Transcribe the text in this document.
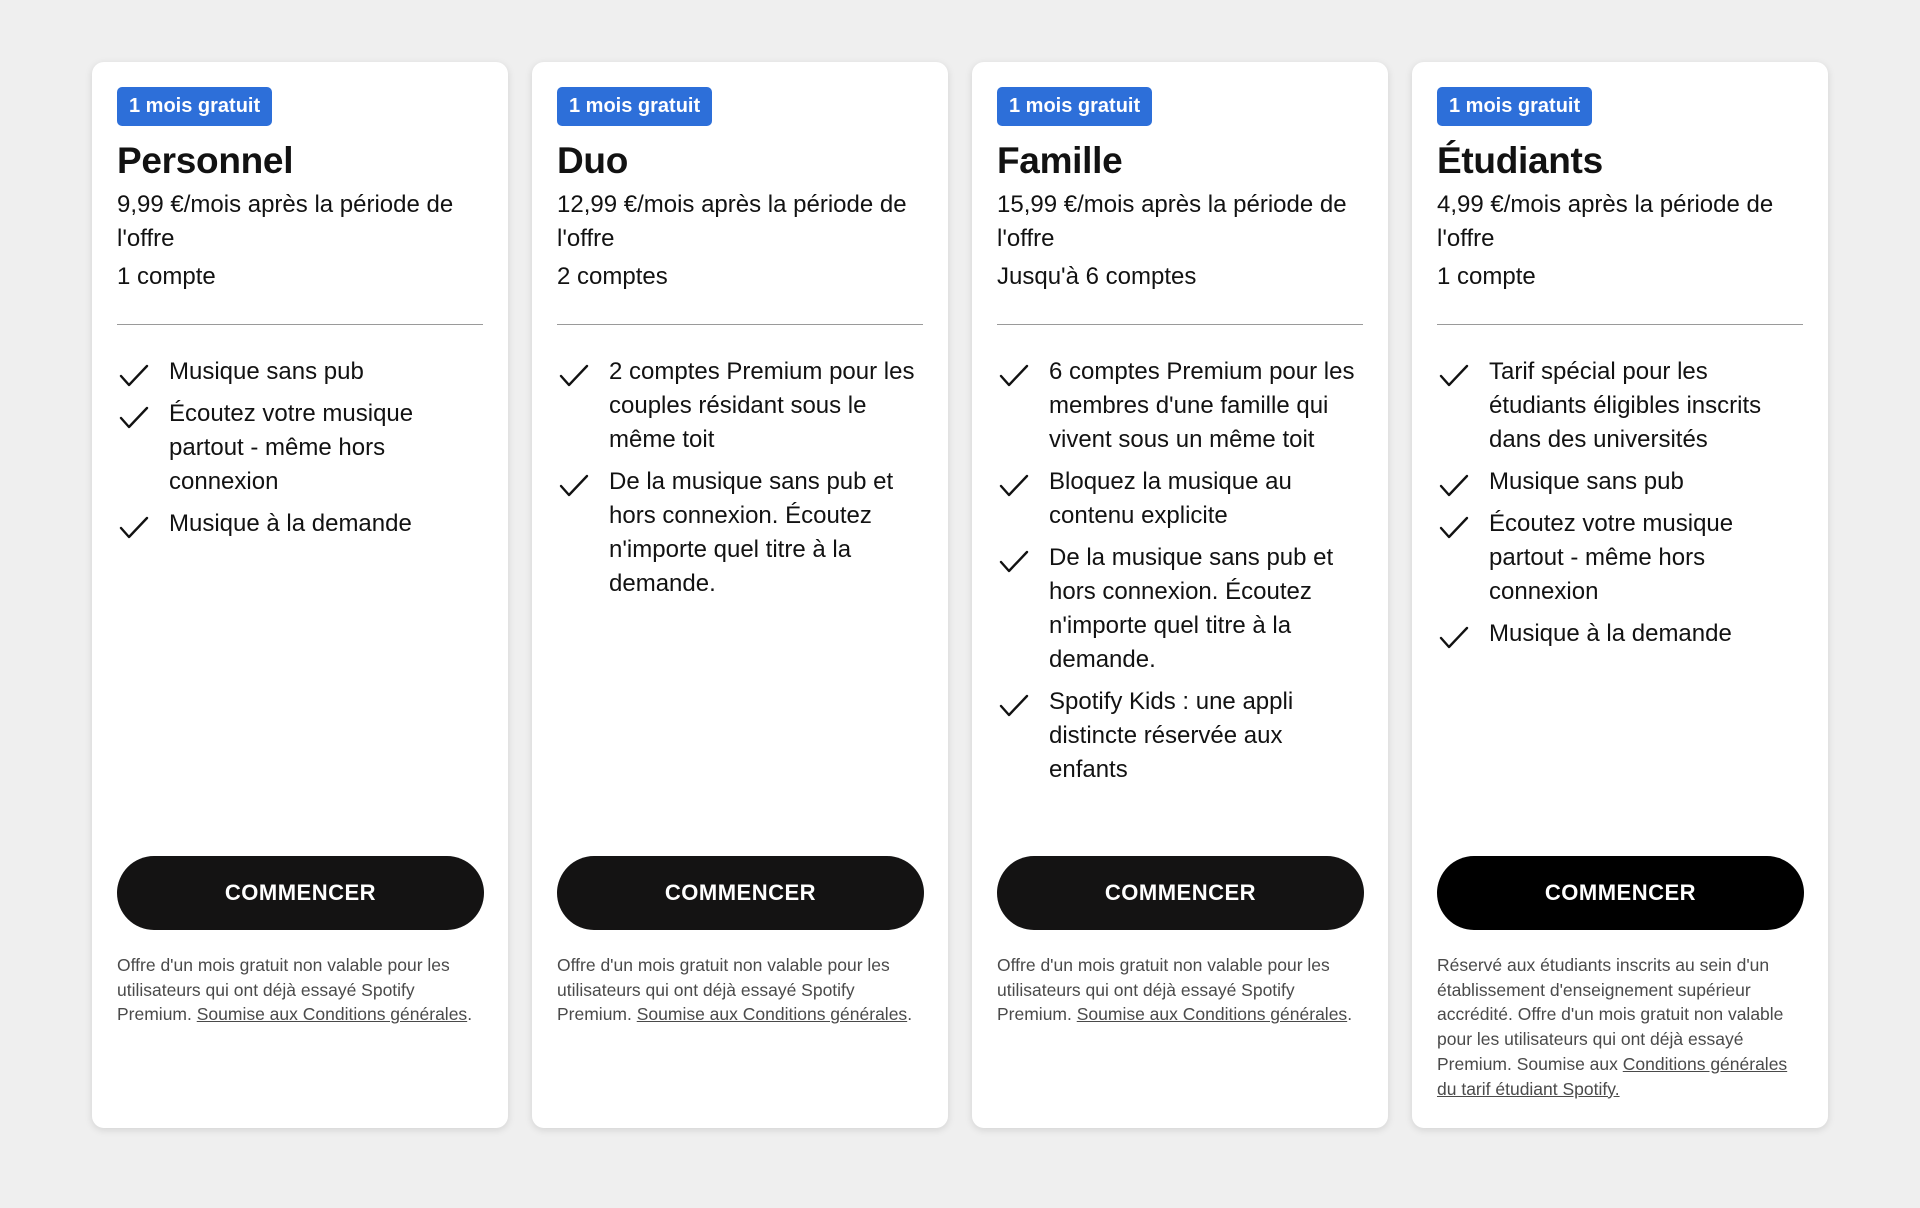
1 mois gratuit
Personnel

9,99 €/mois après la période de l'offre

1 compte

Musique sans pub
Écoutez votre musique partout - même hors connexion
Musique à la demande
COMMENCER

Offre d'un mois gratuit non valable pour les utilisateurs qui ont déjà essayé Spotify Premium. Soumise aux Conditions générales.

1 mois gratuit
Duo

12,99 €/mois après la période de l'offre

2 comptes

2 comptes Premium pour les couples résidant sous le même toit
De la musique sans pub et hors connexion. Écoutez n'importe quel titre à la demande.
COMMENCER

Offre d'un mois gratuit non valable pour les utilisateurs qui ont déjà essayé Spotify Premium. Soumise aux Conditions générales.

1 mois gratuit
Famille

15,99 €/mois après la période de l'offre

Jusqu'à 6 comptes

6 comptes Premium pour les membres d'une famille qui vivent sous un même toit
Bloquez la musique au contenu explicite
De la musique sans pub et hors connexion. Écoutez n'importe quel titre à la demande.
Spotify Kids : une appli distincte réservée aux enfants
COMMENCER

Offre d'un mois gratuit non valable pour les utilisateurs qui ont déjà essayé Spotify Premium. Soumise aux Conditions générales.

1 mois gratuit
Étudiants

4,99 €/mois après la période de l'offre

1 compte

Tarif spécial pour les étudiants éligibles inscrits dans des universités
Musique sans pub
Écoutez votre musique partout - même hors connexion
Musique à la demande
COMMENCER

Réservé aux étudiants inscrits au sein d'un établissement d'enseignement supérieur accrédité. Offre d'un mois gratuit non valable pour les utilisateurs qui ont déjà essayé Premium. Soumise aux Conditions générales du tarif étudiant Spotify.
